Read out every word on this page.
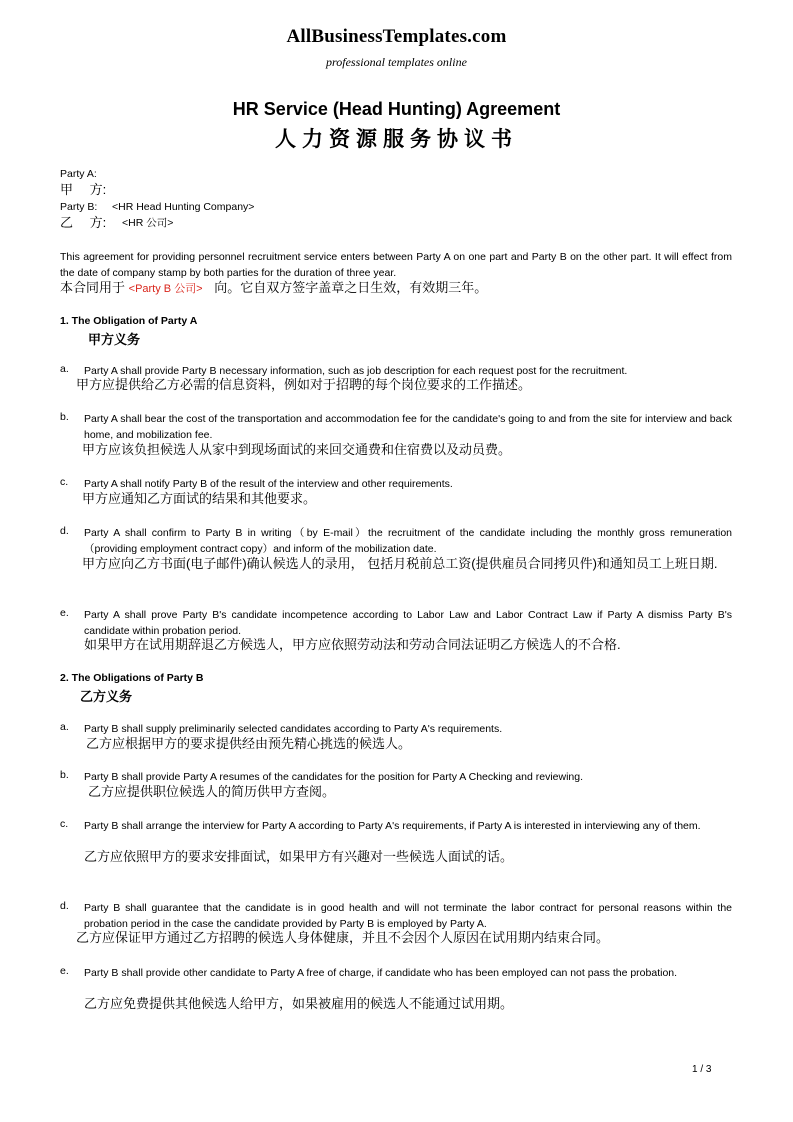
AllBusinessTemplates.com
professional templates online
HR Service (Head Hunting) Agreement
人力资源服务协议书
Party A:
甲　 方:
Party B: <HR Head Hunting Company>
乙　 方: <HR 公司>
This agreement for providing personnel recruitment service enters between Party A on one part and Party B on the other part. It will effect from the date of company stamp by both parties for the duration of three year.
本合同用于 <Party B 公司> 向。它自双方签字盖章之日生效，有效期三年。
1. The Obligation of Party A
甲方义务
a. Party A shall provide Party B necessary information, such as job description for each request post for the recruitment.
甲方应提供给乙方必需的信息资料，例如对于招聘的每个岗位要求的工作描述。
b. Party A shall bear the cost of the transportation and accommodation fee for the candidate's going to and from the site for interview and back home, and mobilization fee.
甲方应该负担候选人从家中到现场面试的来回交通费和住宿费以及动员费。
c. Party A shall notify Party B of the result of the interview and other requirements.
甲方应通知乙方面试的结果和其他要求。
d. Party A shall confirm to Party B in writing（by E-mail）the recruitment of the candidate including the monthly gross remuneration（providing employment contract copy）and inform of the mobilization date.
甲方应向乙方书面(电子邮件)确认候选人的录用， 包括月税前总工资(提供雇员合同拷贝件)和通知员工上班日期.
e. Party A shall prove Party B's candidate incompetence according to Labor Law and Labor Contract Law if Party A dismiss Party B's candidate within probation period.
如果甲方在试用期辞退乙方候选人，甲方应依照劳动法和劳动合同法证明乙方候选人的不合格.
2. The Obligations of Party B
乙方义务
a. Party B shall supply preliminarily selected candidates according to Party A's requirements.
乙方应根据甲方的要求提供经由预先精心挑选的候选人。
b. Party B shall provide Party A resumes of the candidates for the position for Party A Checking and reviewing.
乙方应提供职位候选人的简历供甲方查阅。
c. Party B shall arrange the interview for Party A according to Party A's requirements, if Party A is interested in interviewing any of them.
乙方应依照甲方的要求安排面试，如果甲方有兴趣对一些候选人面试的话。
d. Party B shall guarantee that the candidate is in good health and will not terminate the labor contract for personal reasons within the probation period in the case the candidate provided by Party B is employed by Party A.
乙方应保证甲方通过乙方招聘的候选人身体健康，并且不会因个人原因在试用期内结束合同。
e. Party B shall provide other candidate to Party A free of charge, if candidate who has been employed can not pass the probation.
乙方应免费提供其他候选人给甲方，如果被雇用的候选人不能通过试用期。
1 / 3
